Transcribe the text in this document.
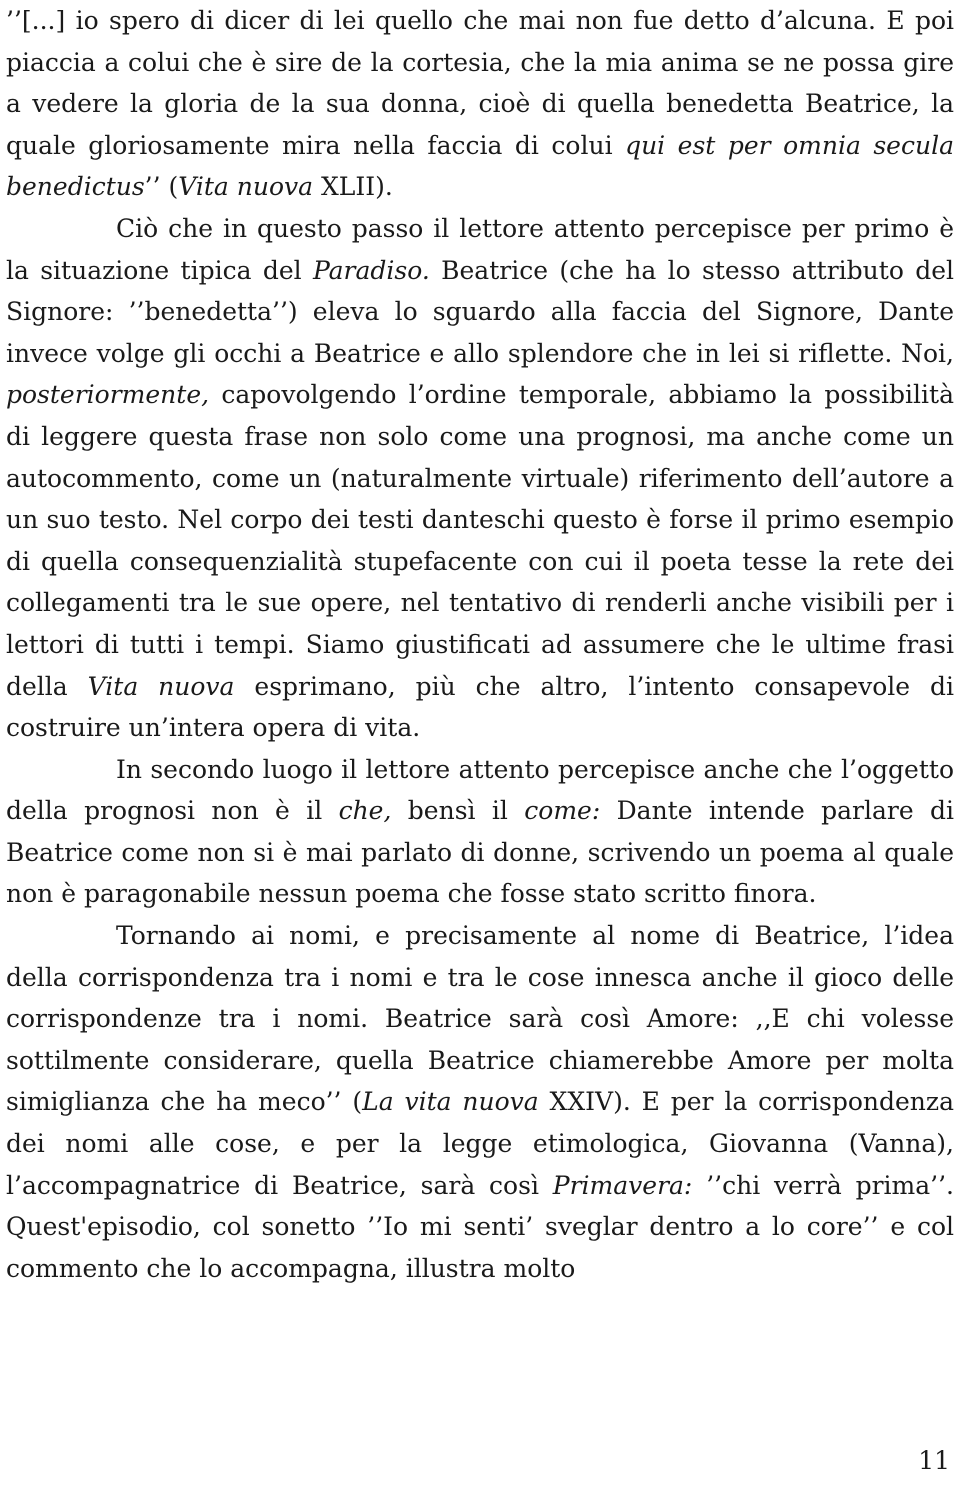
’’[...] io spero di dicer di lei quello che mai non fue detto d’alcuna. E poi piaccia a colui che è sire de la cortesia, che la mia anima se ne possa gire a vedere la gloria de la sua donna, cioè di quella benedetta Beatrice, la quale gloriosamente mira nella faccia di colui qui est per omnia secula benedictus’’ (Vita nuova XLII).

Ciò che in questo passo il lettore attento percepisce per primo è la situazione tipica del Paradiso. Beatrice (che ha lo stesso attributo del Signore: ’’benedetta’’) eleva lo sguardo alla faccia del Signore, Dante invece volge gli occhi a Beatrice e allo splendore che in lei si riflette. Noi, posteriormente, capovolgendo l’ordine temporale, abbiamo la possibilità di leggere questa frase non solo come una prognosi, ma anche come un autocommento, come un (naturalmente virtuale) riferimento dell’autore a un suo testo. Nel corpo dei testi danteschi questo è forse il primo esempio di quella consequenzialità stupefacente con cui il poeta tesse la rete dei collegamenti tra le sue opere, nel tentativo di renderli anche visibili per i lettori di tutti i tempi. Siamo giustificati ad assumere che le ultime frasi della Vita nuova esprimano, più che altro, l’intento consapevole di costruire un’intera opera di vita.

In secondo luogo il lettore attento percepisce anche che l’oggetto della prognosi non è il che, bensì il come: Dante intende parlare di Beatrice come non si è mai parlato di donne, scrivendo un poema al quale non è paragonabile nessun poema che fosse stato scritto finora.

Tornando ai nomi, e precisamente al nome di Beatrice, l’idea della corrispondenza tra i nomi e tra le cose innesca anche il gioco delle corrispondenze tra i nomi. Beatrice sarà così Amore: ,,E chi volesse sottilmente considerare, quella Beatrice chiamerebbe Amore per molta simiglianza che ha meco’’ (La vita nuova XXIV). E per la corrispondenza dei nomi alle cose, e per la legge etimologica, Giovanna (Vanna), l’accompagnatrice di Beatrice, sarà così Primavera: ’’chi verrà prima’’. Quest'episodio, col sonetto ’’Io mi senti’ sveglar dentro a lo core’’ e col commento che lo accompagna, illustra molto

11
